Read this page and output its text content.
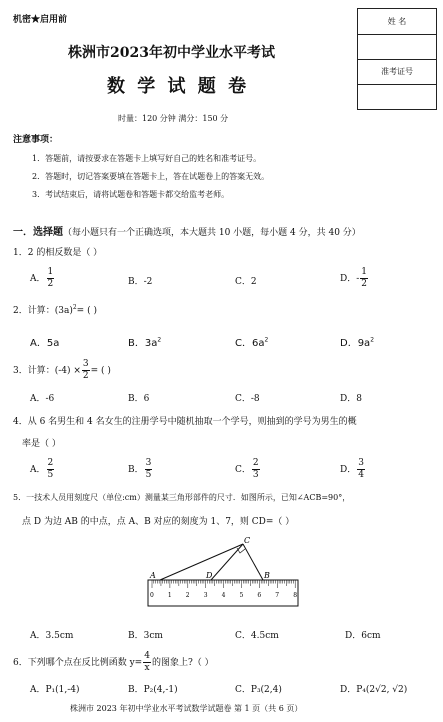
机密★启用前
株洲市2023年初中学业水平考试
数 学 试 题 卷
时量：120 分钟 满分：150 分
姓 名
准考证号
注意事项：
1．答题前，请按要求在答题卡上填写好自己的姓名和准考证号。
2．答题时，切记答案要填在答题卡上，答在试题卷上的答案无效。
3．考试结束后，请将试题卷和答题卡都交给监考老师。
一．选择题（每小题只有一个正确选项，本大题共 10 小题，每小题 4 分，共 40 分）
1．2 的相反数是（ ）
A． $\frac{1}{2}$	B．-2	C．2	D．- $\frac{1}{2}$
2．计算：$(3a)^2=$ ( )
A．5a	B．$3a^2$	C．$6a^2$	D．$9a^2$
3．计算：$(-4) \times \frac{3}{2}$ = ( )
A．-6	B．6	C．-8	D．8
4．从 6 名男生和 4 名女生的注册学号中随机抽取一个学号，则抽到的学号为男生的概
率是（ ）
A． $\frac{2}{5}$	B． $\frac{3}{5}$	C． $\frac{2}{3}$	D． $\frac{3}{4}$
5．一技术人员用刻度尺（单位:cm）测量某三角形部件的尺寸．如图所示，已知∠ACB=90°，
点 D 为边 AB 的中点，点 A、B 对应的刻度为 1、7，则 CD=（ ）
0 1 2 3 4 5 6 7 8
A
C
B
D
A．3.5cm	B．3cm	C．4.5cm	D．6cm
6．下列哪个点在反比例函数 $y= \frac{4}{x}$ 的图象上?（ ）
A．P₁(1,-4)	B．P₂(4,-1)	C．P₃(2,4)	D．P₄(2√2, √2)
株洲市 2023 年初中学业水平考试数学试题卷 第 1 页（共 6 页）
